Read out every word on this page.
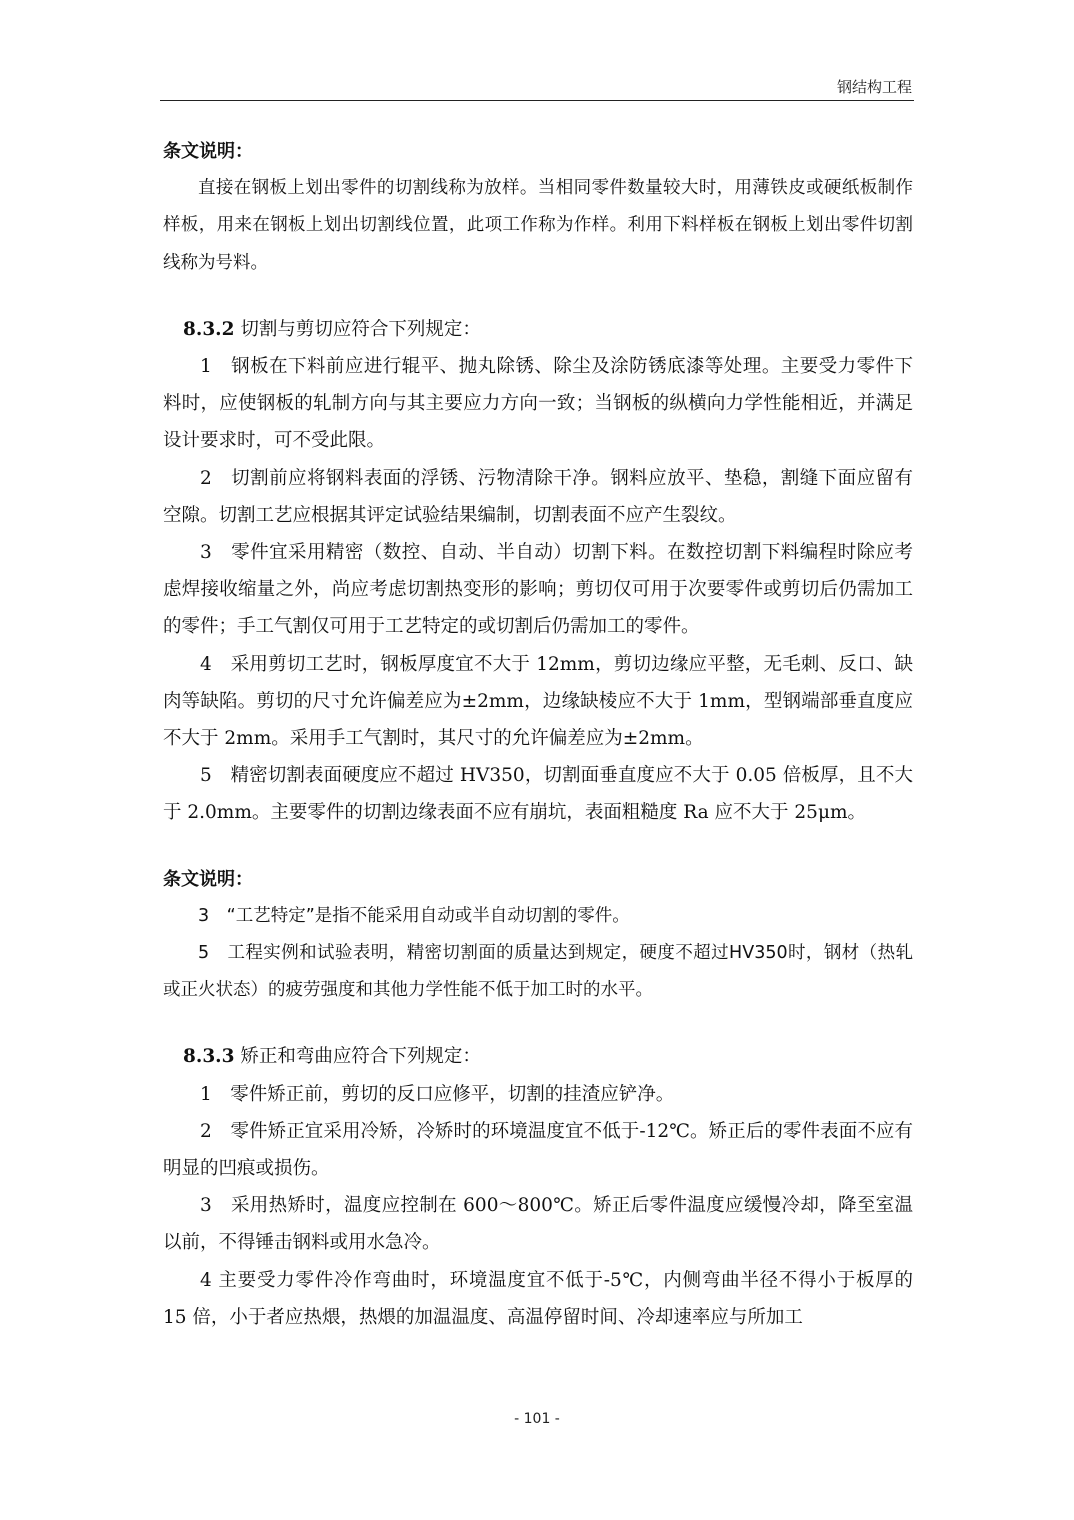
钢结构工程

条文说明：

直接在钢板上划出零件的切割线称为放样。当相同零件数量较大时，用薄铁皮或硬纸板制作样板，用来在钢板上划出切割线位置，此项工作称为作样。利用下料样板在钢板上划出零件切割线称为号料。

8.3.2 切割与剪切应符合下列规定：

1　钢板在下料前应进行辊平、抛丸除锈、除尘及涂防锈底漆等处理。主要受力零件下料时，应使钢板的轧制方向与其主要应力方向一致；当钢板的纵横向力学性能相近，并满足设计要求时，可不受此限。

2　切割前应将钢料表面的浮锈、污物清除干净。钢料应放平、垫稳，割缝下面应留有空隙。切割工艺应根据其评定试验结果编制，切割表面不应产生裂纹。

3　零件宜采用精密（数控、自动、半自动）切割下料。在数控切割下料编程时除应考虑焊接收缩量之外，尚应考虑切割热变形的影响；剪切仅可用于次要零件或剪切后仍需加工的零件；手工气割仅可用于工艺特定的或切割后仍需加工的零件。

4　采用剪切工艺时，钢板厚度宜不大于 12mm，剪切边缘应平整，无毛刺、反口、缺肉等缺陷。剪切的尺寸允许偏差应为±2mm，边缘缺棱应不大于 1mm，型钢端部垂直度应不大于 2mm。采用手工气割时，其尺寸的允许偏差应为±2mm。

5　精密切割表面硬度应不超过 HV350，切割面垂直度应不大于 0.05 倍板厚，且不大于 2.0mm。主要零件的切割边缘表面不应有崩坑，表面粗糙度 Ra 应不大于 25μm。

条文说明：

3　“工艺特定”是指不能采用自动或半自动切割的零件。

5　工程实例和试验表明，精密切割面的质量达到规定，硬度不超过HV350时，钢材（热轧或正火状态）的疲劳强度和其他力学性能不低于加工时的水平。

8.3.3 矫正和弯曲应符合下列规定：

1　零件矫正前，剪切的反口应修平，切割的挂渣应铲净。

2　零件矫正宜采用冷矫，冷矫时的环境温度宜不低于-12℃。矫正后的零件表面不应有明显的凹痕或损伤。

3　采用热矫时，温度应控制在 600～800℃。矫正后零件温度应缓慢冷却，降至室温以前，不得锤击钢料或用水急冷。

4 主要受力零件冷作弯曲时，环境温度宜不低于-5℃，内侧弯曲半径不得小于板厚的 15 倍，小于者应热煨，热煨的加温温度、高温停留时间、冷却速率应与所加工

- 101 -
